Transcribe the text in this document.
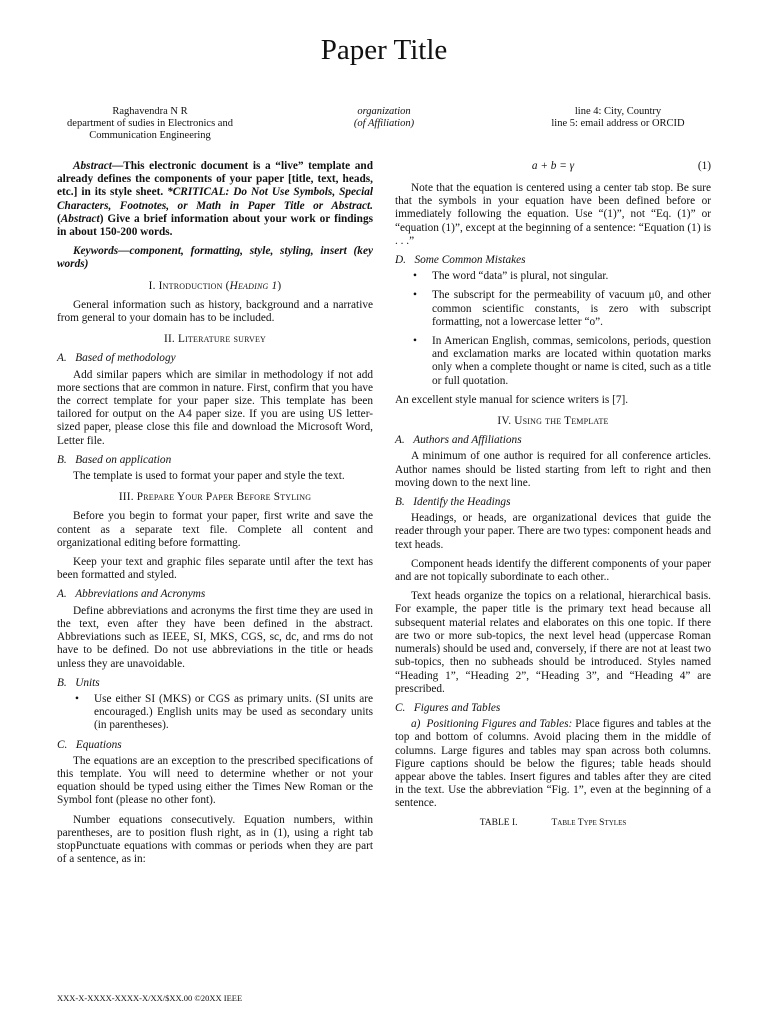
Paper Title
Raghavendra N R
department of sudies in Electronics and
Communication Engineering
organization
(of Affiliation)
line 4: City, Country
line 5: email address or ORCID

Abstract—This electronic document is a “live” template and already defines the components of your paper [title, text, heads, etc.] in its style sheet. *CRITICAL: Do Not Use Symbols, Special Characters, Footnotes, or Math in Paper Title or Abstract. (Abstract) Give a brief information about your work or findings in about 150-200 words.

Keywords—component, formatting, style, styling, insert (key words)

I. Introduction (Heading 1)

General information such as history, background and a narrative from general to your domain has to be included.

II. Literature survey
A. Based of methodology

Add similar papers which are similar in methodology if not add more sections that are common in nature. First, confirm that you have the correct template for your paper size. This template has been tailored for output on the A4 paper size. If you are using US letter-sized paper, please close this file and download the Microsoft Word, Letter file.

B. Based on application

The template is used to format your paper and style the text.

III. Prepare Your Paper Before Styling

Before you begin to format your paper, first write and save the content as a separate text file. Complete all content and organizational editing before formatting.

Keep your text and graphic files separate until after the text has been formatted and styled.

A. Abbreviations and Acronyms

Define abbreviations and acronyms the first time they are used in the text, even after they have been defined in the abstract. Abbreviations such as IEEE, SI, MKS, CGS, sc, dc, and rms do not have to be defined. Do not use abbreviations in the title or heads unless they are unavoidable.

B. Units
• Use either SI (MKS) or CGS as primary units. (SI units are encouraged.) English units may be used as secondary units (in parentheses).
C. Equations

The equations are an exception to the prescribed specifications of this template. You will need to determine whether or not your equation should be typed using either the Times New Roman or the Symbol font (please no other font).

Number equations consecutively. Equation numbers, within parentheses, are to position flush right, as in (1), using a right tab stopPunctuate equations with commas or periods when they are part of a sentence, as in:

a + b = γ	(1)

Note that the equation is centered using a center tab stop. Be sure that the symbols in your equation have been defined before or immediately following the equation. Use “(1)”, not “Eq. (1)” or “equation (1)”, except at the beginning of a sentence: “Equation (1) is . . .”

D. Some Common Mistakes
• The word “data” is plural, not singular.
• The subscript for the permeability of vacuum μ0, and other common scientific constants, is zero with subscript formatting, not a lowercase letter “o”.
• In American English, commas, semicolons, periods, question and exclamation marks are located within quotation marks only when a complete thought or name is cited, such as a title or full quotation.

An excellent style manual for science writers is [7].

IV. Using the Template
A. Authors and Affiliations

A minimum of one author is required for all conference articles. Author names should be listed starting from left to right and then moving down to the next line.

B. Identify the Headings

Headings, or heads, are organizational devices that guide the reader through your paper. There are two types: component heads and text heads.

Component heads identify the different components of your paper and are not topically subordinate to each other..

Text heads organize the topics on a relational, hierarchical basis. For example, the paper title is the primary text head because all subsequent material relates and elaborates on this one topic. If there are two or more sub-topics, the next level head (uppercase Roman numerals) should be used and, conversely, if there are not at least two sub-topics, then no subheads should be introduced. Styles named “Heading 1”, “Heading 2”, “Heading 3”, and “Heading 4” are prescribed.

C. Figures and Tables

a) Positioning Figures and Tables: Place figures and tables at the top and bottom of columns. Avoid placing them in the middle of columns. Large figures and tables may span across both columns. Figure captions should be below the figures; table heads should appear above the tables. Insert figures and tables after they are cited in the text. Use the abbreviation “Fig. 1”, even at the beginning of a sentence.

TABLE I.	Table Type Styles
XXX-X-XXXX-XXXX-X/XX/$XX.00 ©20XX IEEE
